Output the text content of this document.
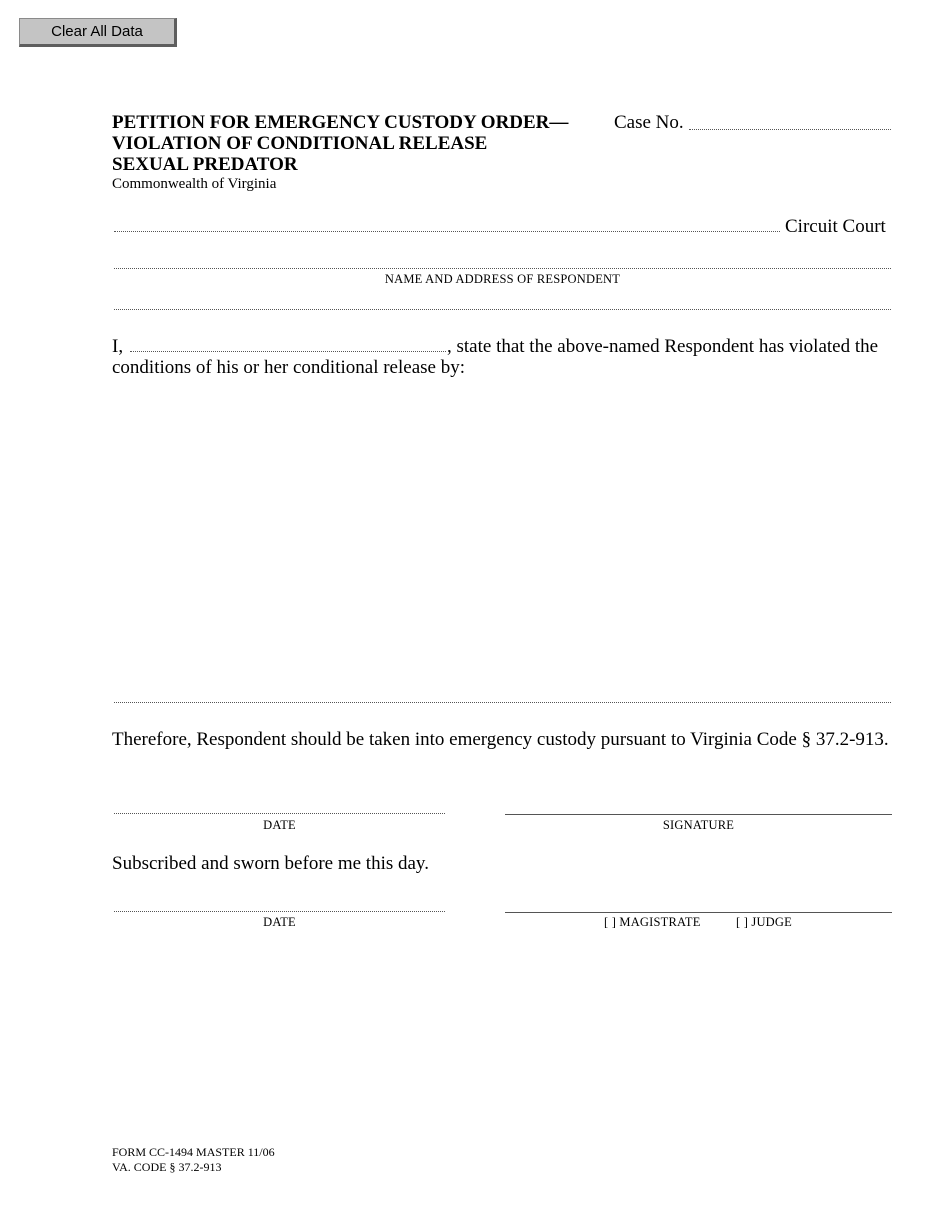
Clear All Data
PETITION FOR EMERGENCY CUSTODY ORDER—
VIOLATION OF CONDITIONAL RELEASE
SEXUAL PREDATOR
Commonwealth of Virginia
Case No.
Circuit Court
NAME AND ADDRESS OF RESPONDENT
I,	, state that the above-named Respondent has violated the
conditions of his or her conditional release by:
Therefore, Respondent should be taken into emergency custody pursuant to Virginia Code § 37.2-913.
DATE	SIGNATURE
Subscribed and sworn before me this day.
DATE	[ ] MAGISTRATE	[ ] JUDGE
FORM CC-1494 MASTER 11/06
VA. CODE § 37.2-913
